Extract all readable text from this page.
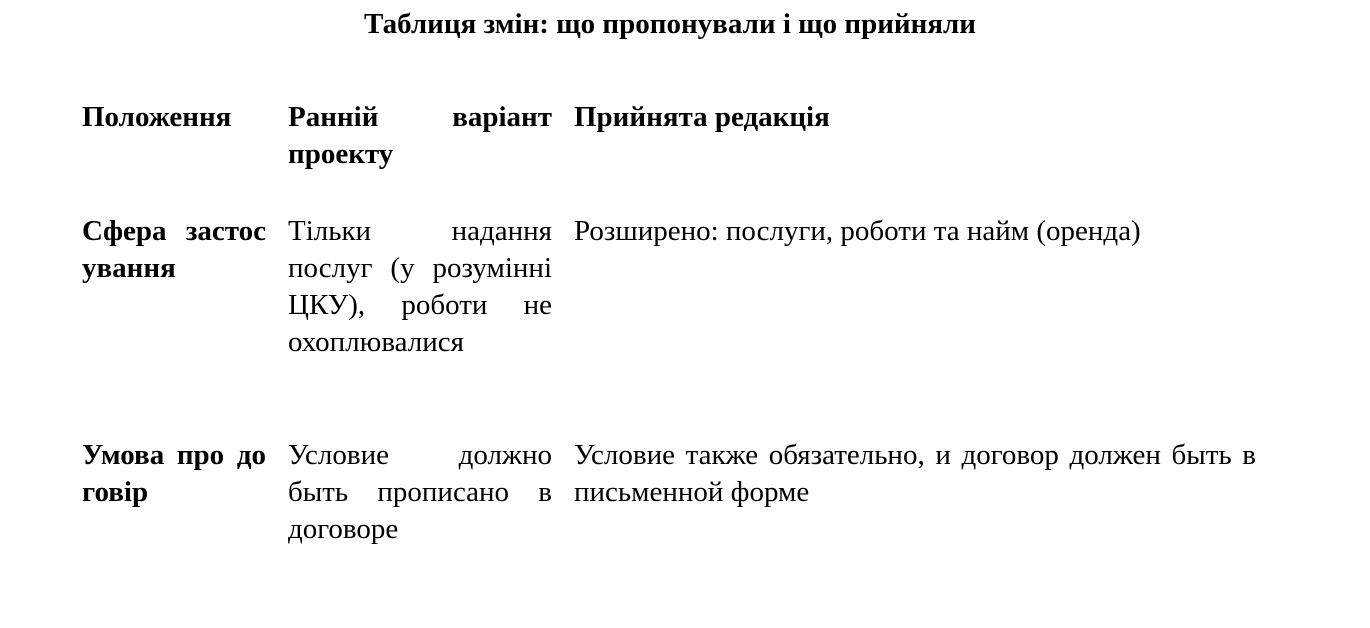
Таблиця змін: що пропонували і що прийняли
Положення	Ранній варіант проекту	Прийнята редакція
Сфера застосування	Тільки надання послуг (у розумінні ЦКУ), роботи не охоплювалися	Розширено: послуги, роботи та найм (оренда)
Умова про договір	Условие должно быть прописано в договоре	Условие также обязательно, и договор должен быть в письменной форме
